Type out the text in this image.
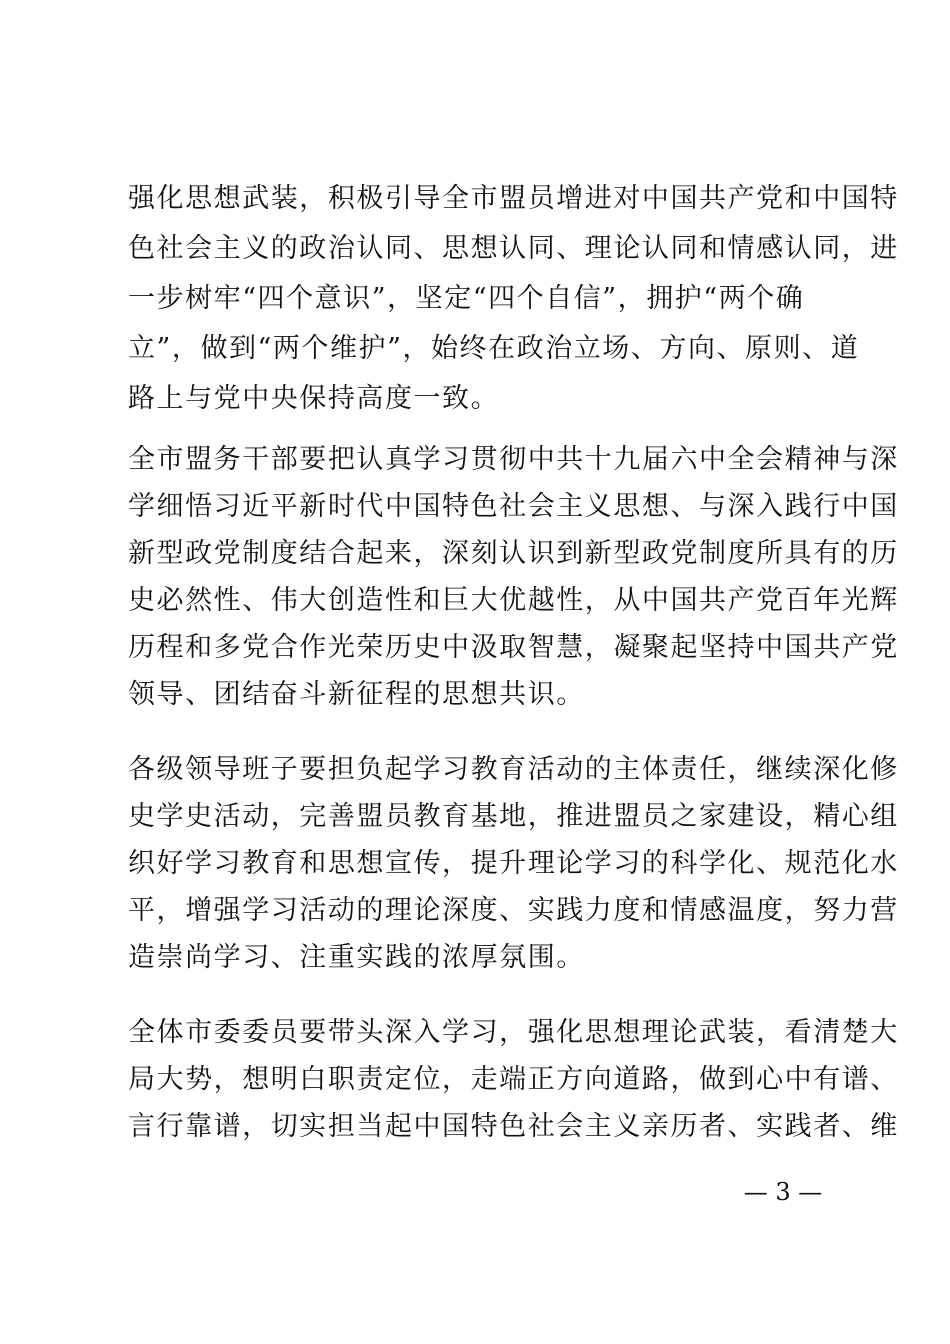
强化思想武装，积极引导全市盟员增进对中国共产党和中国特
色社会主义的政治认同、思想认同、理论认同和情感认同，进
一步树牢“四个意识”，坚定“四个自信”，拥护“两个确
立”，做到“两个维护”，始终在政治立场、方向、原则、道
路上与党中央保持高度一致。
全市盟务干部要把认真学习贯彻中共十九届六中全会精神与深
学细悟习近平新时代中国特色社会主义思想、与深入践行中国
新型政党制度结合起来，深刻认识到新型政党制度所具有的历
史必然性、伟大创造性和巨大优越性，从中国共产党百年光辉
历程和多党合作光荣历史中汲取智慧，凝聚起坚持中国共产党
领导、团结奋斗新征程的思想共识。
各级领导班子要担负起学习教育活动的主体责任，继续深化修
史学史活动，完善盟员教育基地，推进盟员之家建设，精心组
织好学习教育和思想宣传，提升理论学习的科学化、规范化水
平，增强学习活动的理论深度、实践力度和情感温度，努力营
造崇尚学习、注重实践的浓厚氛围。
全体市委委员要带头深入学习，强化思想理论武装，看清楚大
局大势，想明白职责定位，走端正方向道路，做到心中有谱、
言行靠谱，切实担当起中国特色社会主义亲历者、实践者、维
— 3 —
